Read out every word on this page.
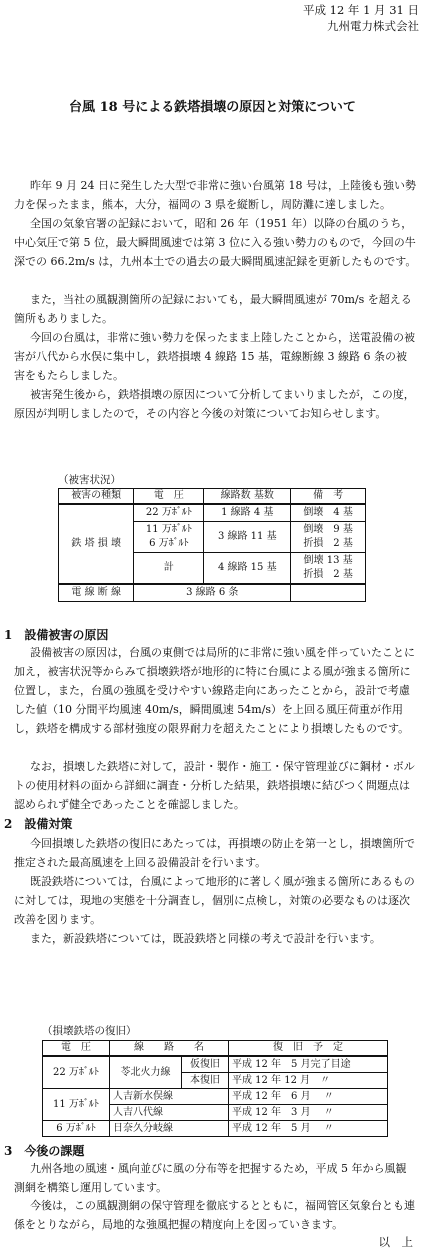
平成 12 年 1 月 31 日
九州電力株式会社
台風 18 号による鉄塔損壊の原因と対策について

昨年 9 月 24 日に発生した大型で非常に強い台風第 18 号は，上陸後も強い勢力を保ったまま，熊本，大分，福岡の 3 県を縦断し，周防灘に達しました。

全国の気象官署の記録において，昭和 26 年（1951 年）以降の台風のうち，中心気圧で第 5 位，最大瞬間風速では第 3 位に入る強い勢力のもので，今回の牛深での 66.2m/s は，九州本土での過去の最大瞬間風速記録を更新したものです。

また，当社の風観測箇所の記録においても，最大瞬間風速が 70m/s を超える箇所もありました。

今回の台風は，非常に強い勢力を保ったまま上陸したことから，送電設備の被害が八代から水俣に集中し，鉄塔損壊 4 線路 15 基，電線断線 3 線路 6 条の被害をもたらしました。

被害発生後から，鉄塔損壊の原因について分析してまいりましたが，この度，原因が判明しましたので，その内容と今後の対策についてお知らせします。

（被害状況）
被害の種類	電　圧	線路数 基数	備　考
鉄 塔 損 壊	22 万ﾎﾞﾙﾄ	1 線路 4 基	倒壊　4 基
	11 万ﾎﾞﾙﾄ
6 万ﾎﾞﾙﾄ	3 線路 11 基	倒壊　9 基
折損　2 基
	計	4 線路 15 基	倒壊 13 基
折損　2 基
電 線 断 線	3 線路 6 条		
1　設備被害の原因

設備被害の原因は，台風の東側では局所的に非常に強い風を伴っていたことに加え，被害状況等からみて損壊鉄塔が地形的に特に台風による風が強まる箇所に位置し，また，台風の強風を受けやすい線路走向にあったことから，設計で考慮した値（10 分間平均風速 40m/s，瞬間風速 54m/s）を上回る風圧荷重が作用し，鉄塔を構成する部材強度の限界耐力を超えたことにより損壊したものです。

なお，損壊した鉄塔に対して，設計・製作・施工・保守管理並びに鋼材・ボルトの使用材料の面から詳細に調査・分析した結果，鉄塔損壊に結びつく問題点は認められず健全であったことを確認しました。

2　設備対策

今回損壊した鉄塔の復旧にあたっては，再損壊の防止を第一とし，損壊箇所で推定された最高風速を上回る設備設計を行います。

既設鉄塔については，台風によって地形的に著しく風が強まる箇所にあるものに対しては，現地の実態を十分調査し，個別に点検し，対策の必要なものは逐次改善を図ります。

また，新設鉄塔については，既設鉄塔と同様の考えで設計を行います。

（損壊鉄塔の復旧）
電　圧	線　　路　　名		復　旧　予　定
22 万ﾎﾞﾙﾄ	苓北火力線	仮復旧	平成 12 年　5 月完了目途
		本復旧	平成 12 年 12 月　〃
11 万ﾎﾞﾙﾄ	人吉新水俣線		平成 12 年　6 月　 〃
	人吉八代線		平成 12 年　3 月　 〃
6 万ﾎﾞﾙﾄ	日奈久分岐線		平成 12 年　5 月　 〃
3　今後の課題

九州各地の風速・風向並びに風の分布等を把握するため，平成 5 年から風観測網を構築し運用しています。

今後は，この風観測網の保守管理を徹底するとともに，福岡管区気象台とも連係をとりながら，局地的な強風把握の精度向上を図っていきます。

以　上
